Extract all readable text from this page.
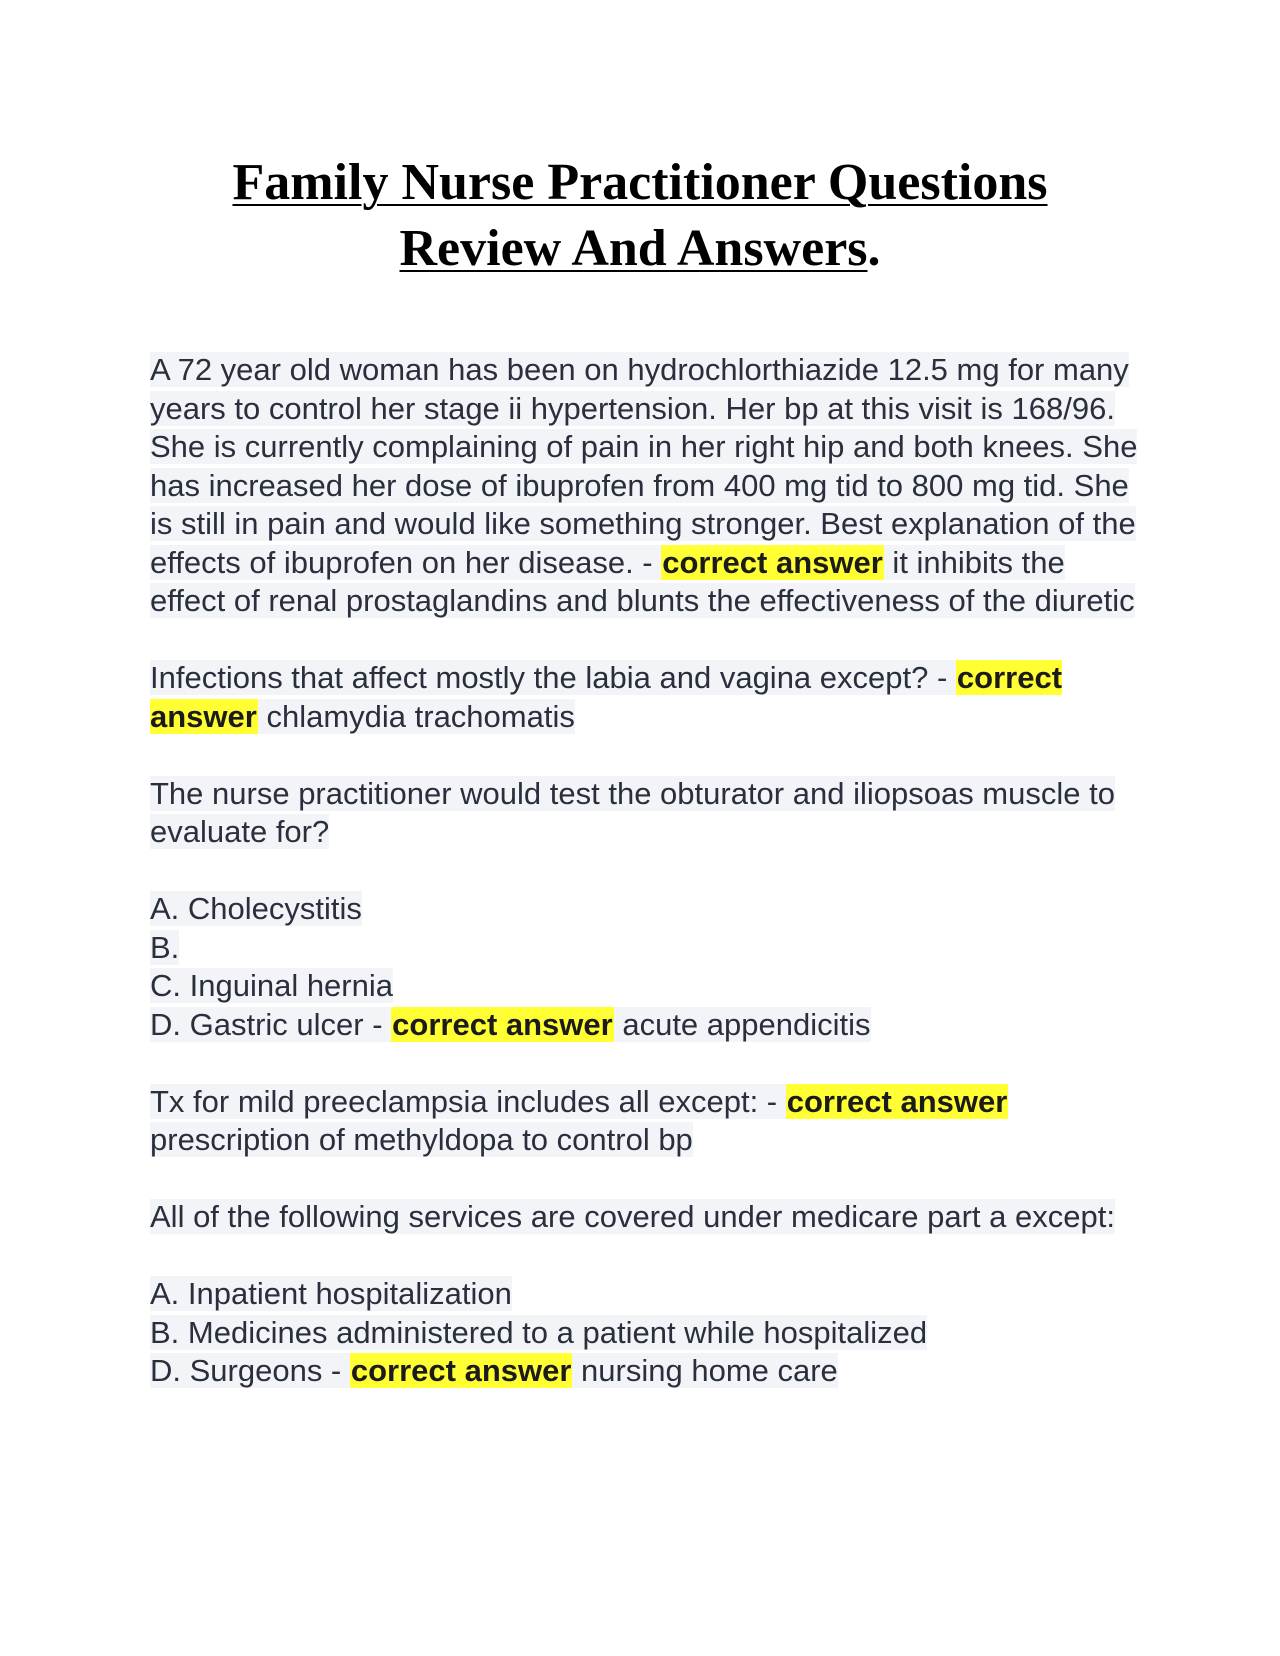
Family Nurse Practitioner Questions
Review And Answers.

A 72 year old woman has been on hydrochlorthiazide 12.5 mg for many years to control her stage ii hypertension. Her bp at this visit is 168/96. She is currently complaining of pain in her right hip and both knees. She has increased her dose of ibuprofen from 400 mg tid to 800 mg tid. She is still in pain and would like something stronger. Best explanation of the effects of ibuprofen on her disease. - correct answer it inhibits the effect of renal prostaglandins and blunts the effectiveness of the diuretic

Infections that affect mostly the labia and vagina except? - correct answer chlamydia trachomatis

The nurse practitioner would test the obturator and iliopsoas muscle to evaluate for?

A. Cholecystitis
B.
C. Inguinal hernia
D. Gastric ulcer - correct answer acute appendicitis

Tx for mild preeclampsia includes all except: - correct answer prescription of methyldopa to control bp

All of the following services are covered under medicare part a except:

A. Inpatient hospitalization
B. Medicines administered to a patient while hospitalized
D. Surgeons - correct answer nursing home care
